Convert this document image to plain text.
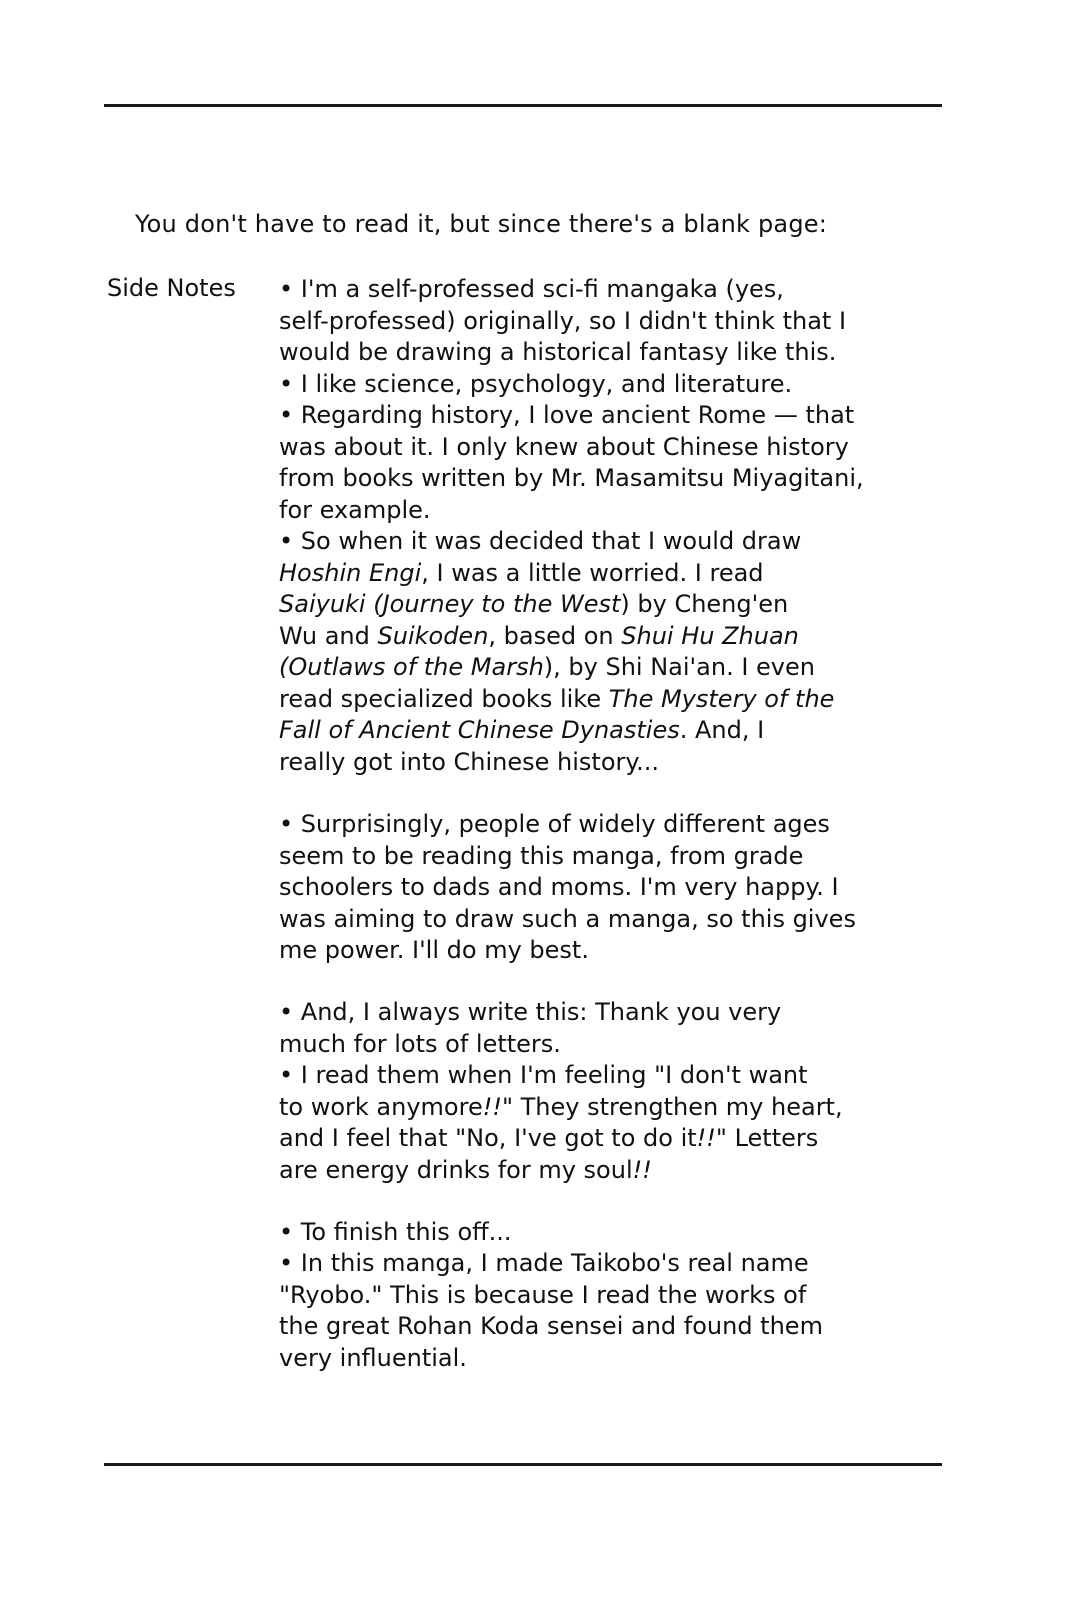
You don't have to read it, but since there's a blank page:
Side Notes • I'm a self-professed sci-fi mangaka (yes,
self-professed) originally, so I didn't think that I
would be drawing a historical fantasy like this.
• I like science, psychology, and literature.
• Regarding history, I love ancient Rome — that
was about it. I only knew about Chinese history
from books written by Mr. Masamitsu Miyagitani,
for example.
• So when it was decided that I would draw
Hoshin Engi, I was a little worried. I read
Saiyuki (Journey to the West) by Cheng'en
Wu and Suikoden, based on Shui Hu Zhuan
(Outlaws of the Marsh), by Shi Nai'an. I even
read specialized books like The Mystery of the
Fall of Ancient Chinese Dynasties. And, I
really got into Chinese history...
• Surprisingly, people of widely different ages
seem to be reading this manga, from grade
schoolers to dads and moms. I'm very happy. I
was aiming to draw such a manga, so this gives
me power. I'll do my best.
• And, I always write this: Thank you very
much for lots of letters.
• I read them when I'm feeling "I don't want
to work anymore!!" They strengthen my heart,
and I feel that "No, I've got to do it!!" Letters
are energy drinks for my soul!!
• To finish this off...
• In this manga, I made Taikobo's real name
"Ryobo." This is because I read the works of
the great Rohan Koda sensei and found them
very influential.
